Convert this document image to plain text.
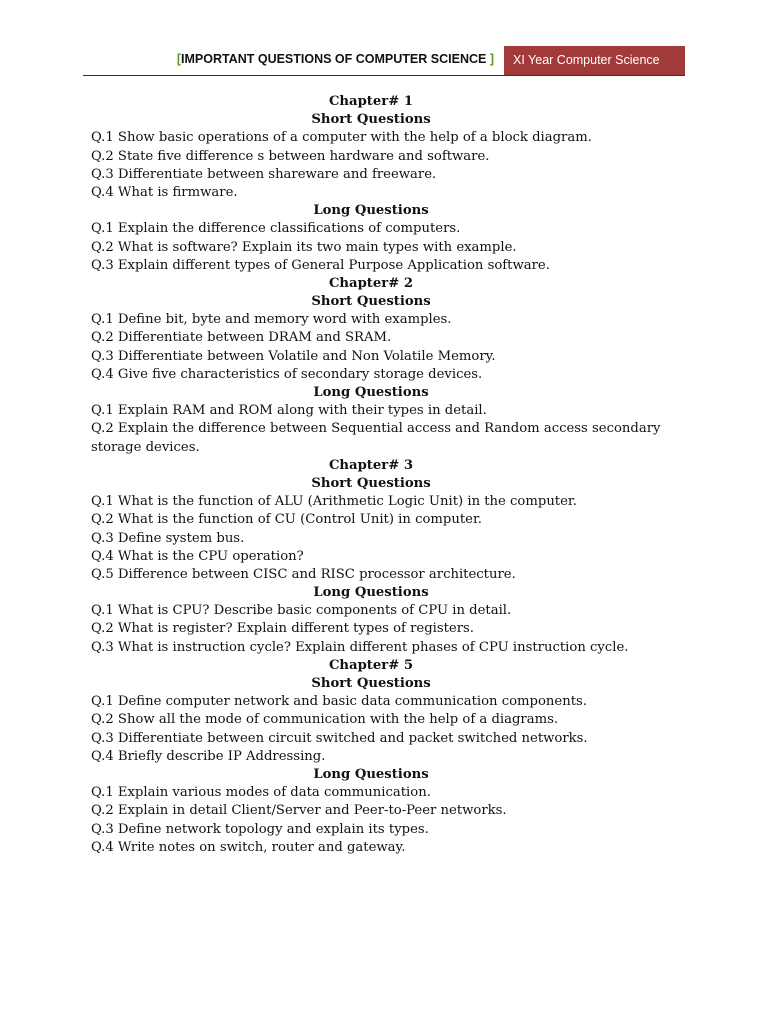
[IMPORTANT QUESTIONS OF COMPUTER SCIENCE ]	XI Year Computer Science
Chapter# 1
Short Questions
Q.1 Show basic operations of a computer with the help of a block diagram.
Q.2 State five difference s between hardware and software.
Q.3 Differentiate between shareware and freeware.
Q.4 What is firmware.
Long Questions
Q.1 Explain the difference classifications of computers.
Q.2 What is software? Explain its two main types with example.
Q.3 Explain different types of General Purpose Application software.
Chapter# 2
Short Questions
Q.1 Define bit, byte and memory word with examples.
Q.2 Differentiate between DRAM and SRAM.
Q.3 Differentiate between Volatile and Non Volatile Memory.
Q.4 Give five characteristics of secondary storage devices.
Long Questions
Q.1 Explain RAM and ROM along with their types in detail.
Q.2 Explain the difference between Sequential access and Random access secondary
storage devices.
Chapter# 3
Short Questions
Q.1 What is the function of ALU (Arithmetic Logic Unit) in the computer.
Q.2 What is the function of CU (Control Unit) in computer.
Q.3 Define system bus.
Q.4 What is the CPU operation?
Q.5 Difference between CISC and RISC processor architecture.
Long Questions
Q.1 What is CPU? Describe basic components of CPU in detail.
Q.2 What is register? Explain different types of registers.
Q.3 What is instruction cycle? Explain different phases of CPU instruction cycle.
Chapter# 5
Short Questions
Q.1 Define computer network and basic data communication components.
Q.2 Show all the mode of communication with the help of a diagrams.
Q.3 Differentiate between circuit switched and packet switched networks.
Q.4 Briefly describe IP Addressing.
Long Questions
Q.1 Explain various modes of data communication.
Q.2 Explain in detail Client/Server and Peer-to-Peer networks.
Q.3 Define network topology and explain its types.
Q.4 Write notes on switch, router and gateway.
